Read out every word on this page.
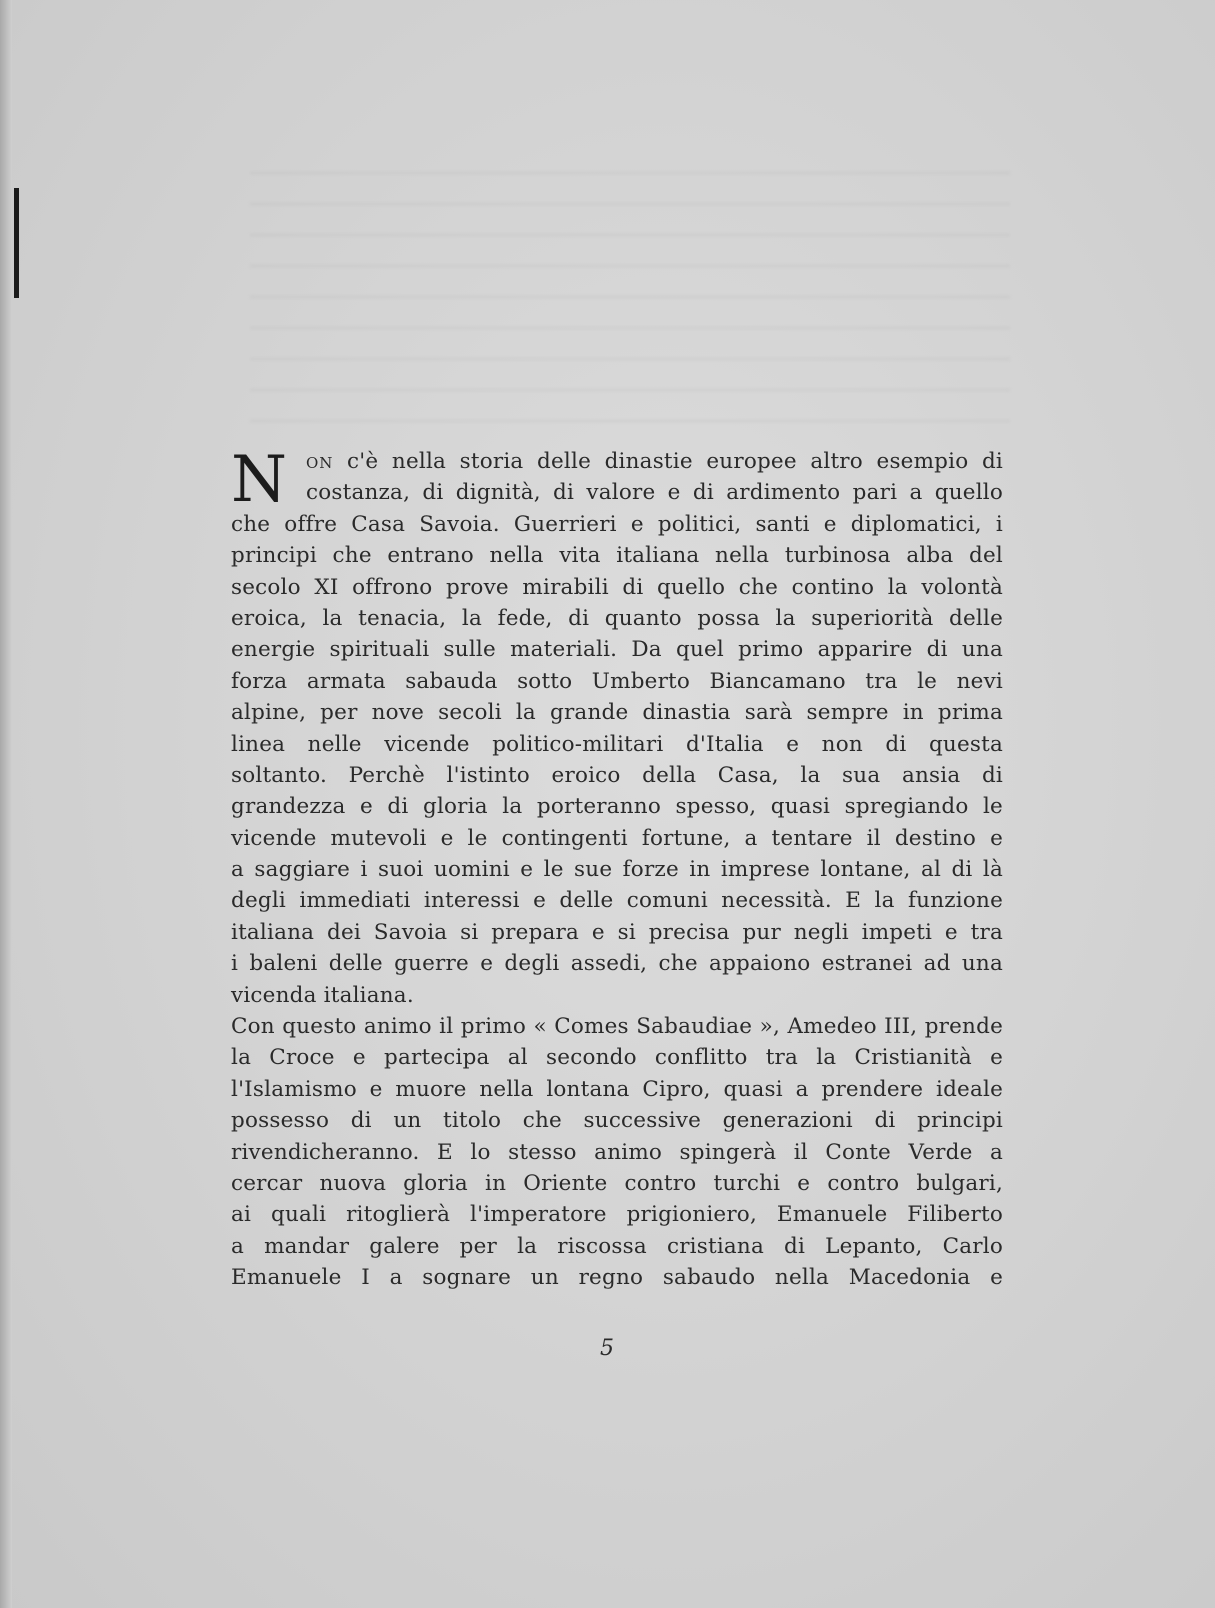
N	ON c'è nella storia delle dinastie europee altro esempio di
costanza, di dignità, di valore e di ardimento pari a quello
che offre Casa Savoia. Guerrieri e politici, santi e diplomatici, i
principi che entrano nella vita italiana nella turbinosa alba del
secolo XI offrono prove mirabili di quello che contino la volontà
eroica, la tenacia, la fede, di quanto possa la superiorità delle
energie spirituali sulle materiali. Da quel primo apparire di una
forza armata sabauda sotto Umberto Biancamano tra le nevi
alpine, per nove secoli la grande dinastia sarà sempre in prima
linea nelle vicende politico-militari d'Italia e non di questa
soltanto. Perchè l'istinto eroico della Casa, la sua ansia di
grandezza e di gloria la porteranno spesso, quasi spregiando le
vicende mutevoli e le contingenti fortune, a tentare il destino e
a saggiare i suoi uomini e le sue forze in imprese lontane, al di là
degli immediati interessi e delle comuni necessità. E la funzione
italiana dei Savoia si prepara e si precisa pur negli impeti e tra
i baleni delle guerre e degli assedi, che appaiono estranei ad una
vicenda italiana.
Con questo animo il primo « Comes Sabaudiae », Amedeo III, prende
la Croce e partecipa al secondo conflitto tra la Cristianità e
l'Islamismo e muore nella lontana Cipro, quasi a prendere ideale
possesso di un titolo che successive generazioni di principi
rivendicheranno. E lo stesso animo spingerà il Conte Verde a
cercar nuova gloria in Oriente contro turchi e contro bulgari,
ai quali ritoglierà l'imperatore prigioniero, Emanuele Filiberto
a mandar galere per la riscossa cristiana di Lepanto, Carlo
Emanuele I a sognare un regno sabaudo nella Macedonia e
5
